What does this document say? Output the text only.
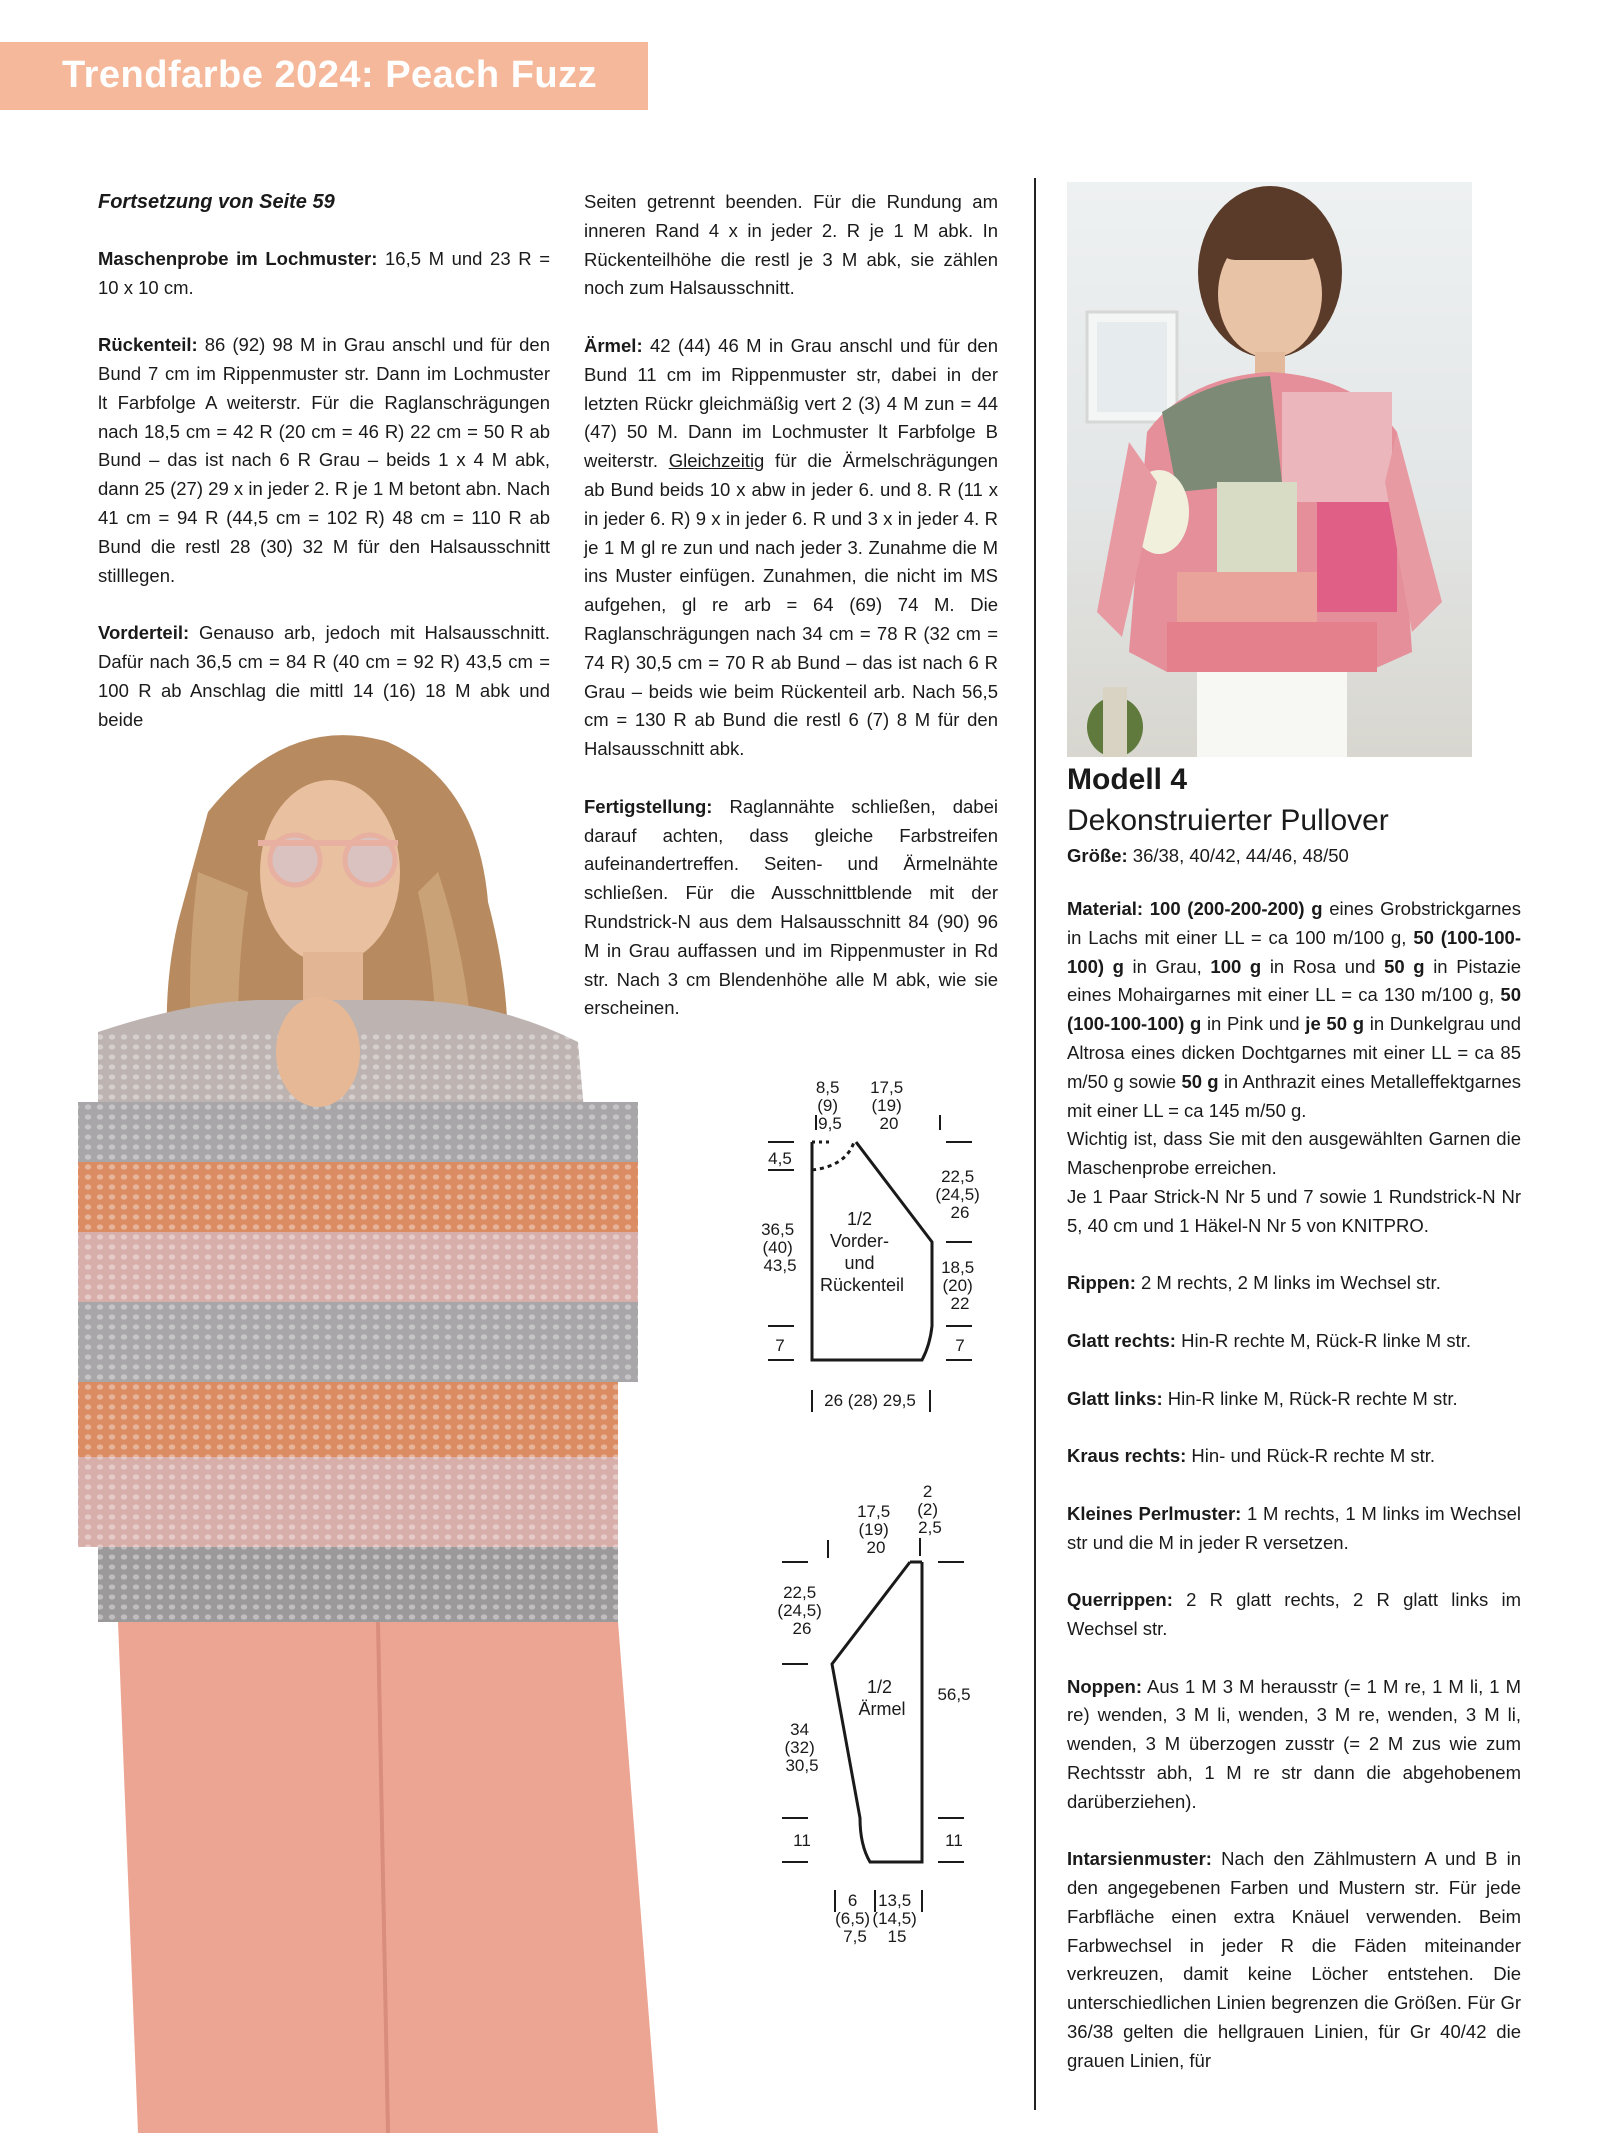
Trendfarbe 2024: Peach Fuzz

Fortsetzung von Seite 59

Maschenprobe im Lochmuster: 16,5 M und 23 R = 10 x 10 cm.

Rückenteil: 86 (92) 98 M in Grau anschl und für den Bund 7 cm im Rippenmuster str. Dann im Lochmuster lt Farbfolge A weiterstr. Für die Raglanschrägungen nach 18,5 cm = 42 R (20 cm = 46 R) 22 cm = 50 R ab Bund – das ist nach 6 R Grau – beids 1 x 4 M abk, dann 25 (27) 29 x in jeder 2. R je 1 M betont abn. Nach 41 cm = 94 R (44,5 cm = 102 R) 48 cm = 110 R ab Bund die restl 28 (30) 32 M für den Halsausschnitt stilllegen.

Vorderteil: Genauso arb, jedoch mit Halsausschnitt. Dafür nach 36,5 cm = 84 R (40 cm = 92 R) 43,5 cm = 100 R ab Anschlag die mittl 14 (16) 18 M abk und beide

Seiten getrennt beenden. Für die Rundung am inneren Rand 4 x in jeder 2. R je 1 M abk. In Rückenteilhöhe die restl je 3 M abk, sie zählen noch zum Halsausschnitt.

Ärmel: 42 (44) 46 M in Grau anschl und für den Bund 11 cm im Rippenmuster str, dabei in der letzten Rückr gleichmäßig vert 2 (3) 4 M zun = 44 (47) 50 M. Dann im Lochmuster lt Farbfolge B weiterstr. Gleichzeitig für die Ärmelschrägungen ab Bund beids 10 x abw in jeder 6. und 8. R (11 x in jeder 6. R) 9 x in jeder 6. R und 3 x in jeder 4. R je 1 M gl re zun und nach jeder 3. Zunahme die M ins Muster einfügen. Zunahmen, die nicht im MS aufgehen, gl re arb = 64 (69) 74 M. Die Raglanschrägungen nach 34 cm = 78 R (32 cm = 74 R) 30,5 cm = 70 R ab Bund – das ist nach 6 R Grau – beids wie beim Rückenteil arb. Nach 56,5 cm = 130 R ab Bund die restl 6 (7) 8 M für den Halsausschnitt abk.

Fertigstellung: Raglannähte schließen, dabei darauf achten, dass gleiche Farbstreifen aufeinandertreffen. Seiten- und Ärmelnähte schließen. Für die Ausschnittblende mit der Rundstrick-N aus dem Halsausschnitt 84 (90) 96 M in Grau auffassen und im Rippenmuster in Rd str. Nach 3 cm Blendenhöhe alle M abk, wie sie erscheinen.

Modell 4
Dekonstruierter Pullover
Größe: 36/38, 40/42, 44/46, 48/50

Material: 100 (200-200-200) g eines Grobstrickgarnes in Lachs mit einer LL = ca 100 m/100 g, 50 (100-100-100) g in Grau, 100 g in Rosa und 50 g in Pistazie eines Mohairgarnes mit einer LL = ca 130 m/100 g, 50 (100-100-100) g in Pink und je 50 g in Dunkelgrau und Altrosa eines dicken Dochtgarnes mit einer LL = ca 85 m/50 g sowie 50 g in Anthrazit eines Metalleffektgarnes mit einer LL = ca 145 m/50 g.

Wichtig ist, dass Sie mit den ausgewählten Garnen die Maschenprobe erreichen.

Je 1 Paar Strick-N Nr 5 und 7 sowie 1 Rundstrick-N Nr 5, 40 cm und 1 Häkel-N Nr 5 von KNITPRO.

Rippen: 2 M rechts, 2 M links im Wechsel str.

Glatt rechts: Hin-R rechte M, Rück-R linke M str.

Glatt links: Hin-R linke M, Rück-R rechte M str.

Kraus rechts: Hin- und Rück-R rechte M str.

Kleines Perlmuster: 1 M rechts, 1 M links im Wechsel str und die M in jeder R versetzen.

Querrippen: 2 R glatt rechts, 2 R glatt links im Wechsel str.

Noppen: Aus 1 M 3 M herausstr (= 1 M re, 1 M li, 1 M re) wenden, 3 M li, wenden, 3 M re, wenden, 3 M li, wenden, 3 M überzogen zusstr (= 2 M zus wie zum Rechtsstr abh, 1 M re str dann die abgehobenem darüberziehen).

Intarsienmuster: Nach den Zählmustern A und B in den angegebenen Farben und Mustern str. Für jede Farbfläche einen extra Knäuel verwenden. Beim Farbwechsel in jeder R die Fäden miteinander verkreuzen, damit keine Löcher entstehen. Die unterschiedlichen Linien begrenzen die Größen. Für Gr 36/38 gelten die hellgrauen Linien, für Gr 40/42 die grauen Linien, für

8,5 (9) 9,5
17,5 (19) 20
4,5
36,5 (40) 43,5
7
22,5 (24,5) 26
18,5 (20) 22
7
1/2 Vorder- und Rückenteil
26 (28) 29,5
17,5 (19) 20
2 (2) 2,5
22,5 (24,5) 26
34 (32) 30,5
11
56,5
11
1/2 Ärmel
6 (6,5) 7,5
13,5 (14,5) 15
